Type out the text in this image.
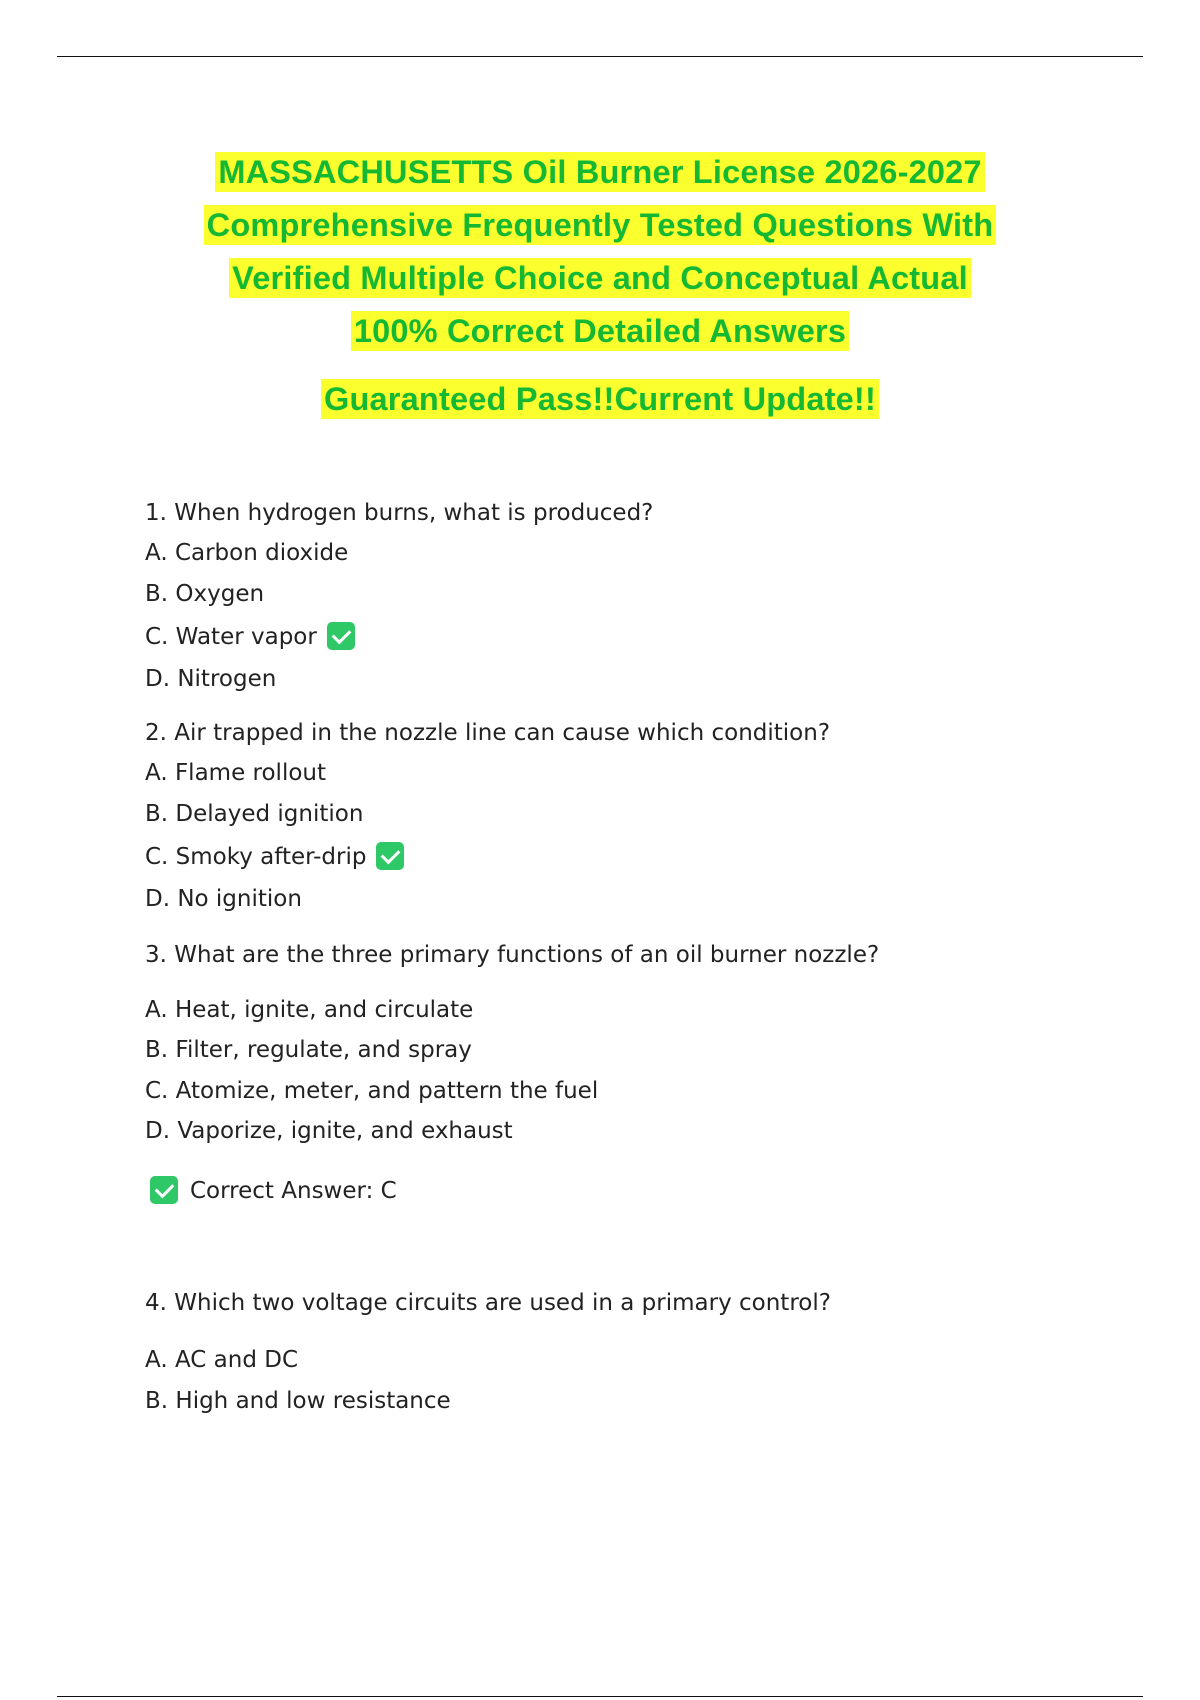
MASSACHUSETTS Oil Burner License 2026-2027
Comprehensive Frequently Tested Questions With
Verified Multiple Choice and Conceptual Actual
100% Correct Detailed Answers
Guaranteed Pass!!Current Update!!
1. When hydrogen burns, what is produced?
A. Carbon dioxide
B. Oxygen
C. Water vapor
D. Nitrogen
2. Air trapped in the nozzle line can cause which condition?
A. Flame rollout
B. Delayed ignition
C. Smoky after-drip
D. No ignition
3. What are the three primary functions of an oil burner nozzle?
A. Heat, ignite, and circulate
B. Filter, regulate, and spray
C. Atomize, meter, and pattern the fuel
D. Vaporize, ignite, and exhaust
Correct Answer: C
4. Which two voltage circuits are used in a primary control?
A. AC and DC
B. High and low resistance
